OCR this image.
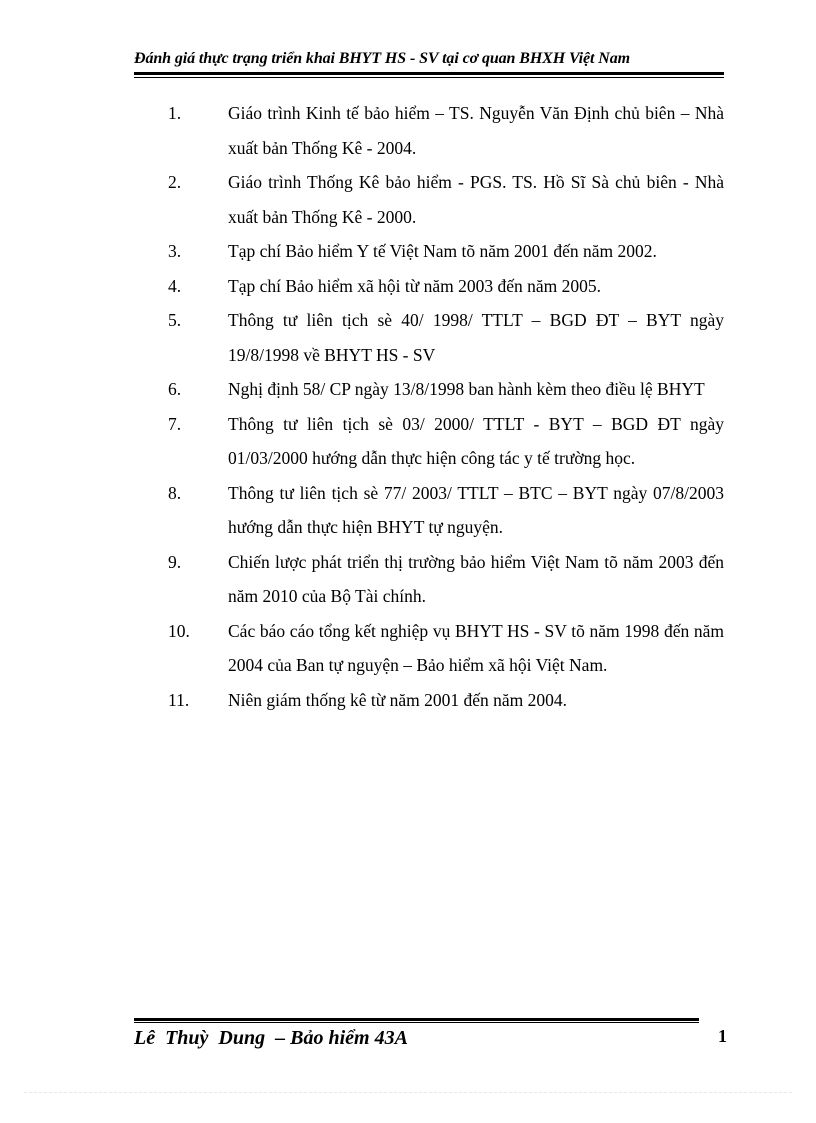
Đánh giá thực trạng triển khai BHYT HS - SV tại cơ quan BHXH Việt Nam
1.	Giáo trình Kinh tế bảo hiểm – TS. Nguyễn Văn Định chủ biên – Nhà xuất bản Thống Kê - 2004.
2.	Giáo trình Thống Kê bảo hiểm - PGS. TS. Hồ Sĩ Sà chủ biên - Nhà xuất bản Thống Kê - 2000.
3.	Tạp chí Bảo hiểm Y tế Việt Nam tõ năm 2001 đến năm 2002.
4.	Tạp chí Bảo hiểm xã hội từ năm 2003 đến năm 2005.
5.	Thông tư liên tịch sè 40/ 1998/ TTLT – BGD ĐT – BYT ngày 19/8/1998 về BHYT HS - SV
6.	Nghị định 58/ CP ngày 13/8/1998 ban hành kèm theo điều lệ BHYT
7.	Thông tư liên tịch sè 03/ 2000/ TTLT - BYT – BGD ĐT ngày 01/03/2000 hướng dẫn thực hiện công tác y tế trường học.
8.	Thông tư liên tịch sè 77/ 2003/ TTLT – BTC – BYT ngày 07/8/2003 hướng dẫn thực hiện BHYT tự nguyện.
9.	Chiến lược phát triển thị trường bảo hiểm Việt Nam tõ năm 2003 đến năm 2010 của Bộ Tài chính.
10.	Các báo cáo tổng kết nghiệp vụ BHYT HS - SV tõ năm 1998 đến năm 2004 của Ban tự nguyện – Bảo hiểm xã hội Việt Nam.
11.	Niên giám thống kê từ năm 2001 đến năm 2004.
Lê  Thuỳ  Dung  – Bảo hiểm 43A	1
